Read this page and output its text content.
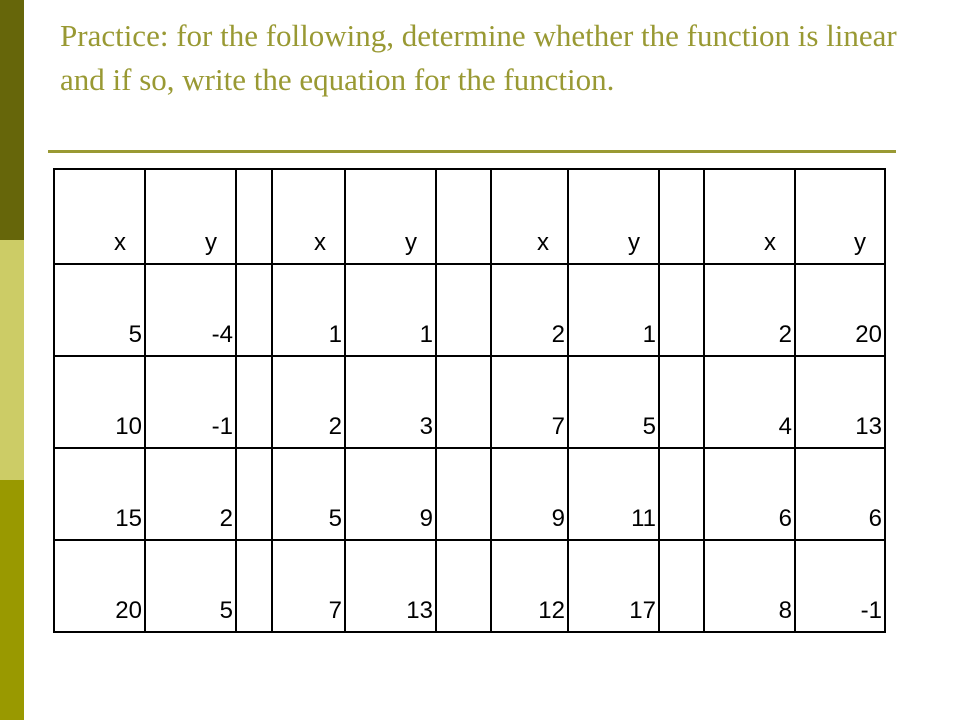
Practice: for the following, determine whether the function is linear and if so, write the equation for the function.
x	y		x	y		x	y		x	y

5	-4		1	1		2	1		2	20
10	-1		2	3		7	5		4	13
15	2		5	9		9	11		6	6
20	5		7	13		12	17		8	-1
